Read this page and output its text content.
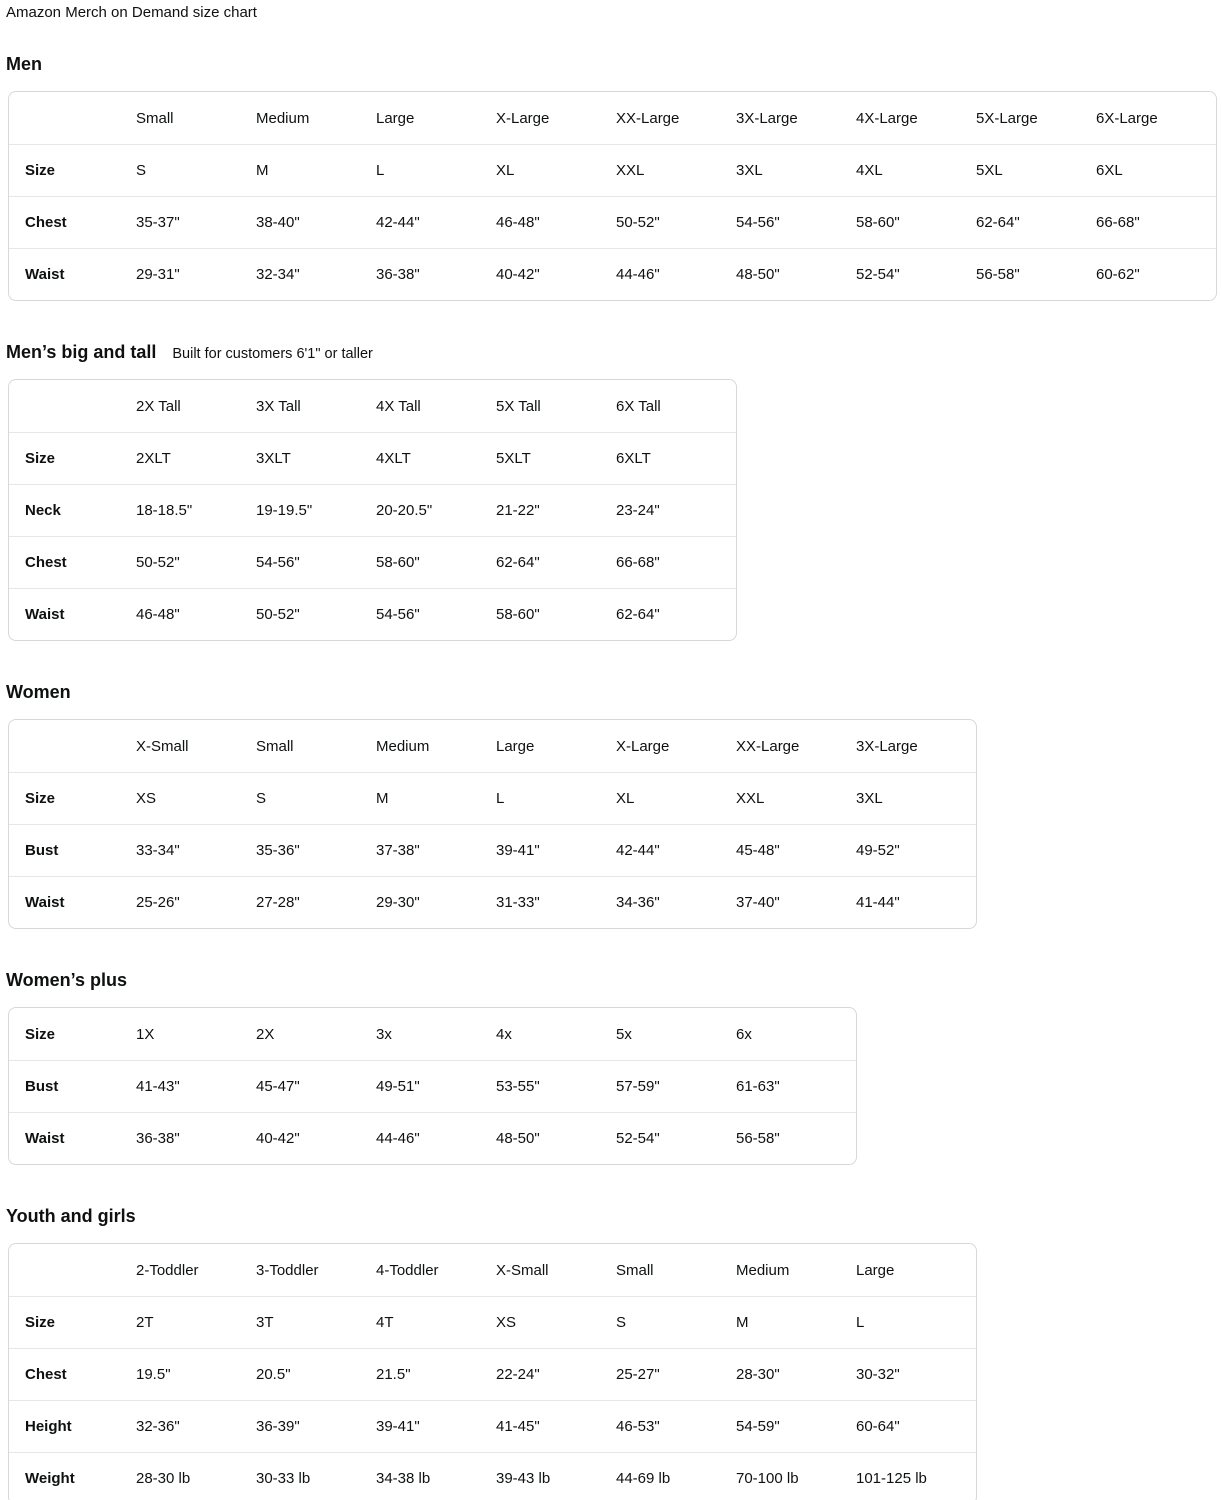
Amazon Merch on Demand size chart
Men
	Small	Medium	Large	X-Large	XX-Large	3X-Large	4X-Large	5X-Large	6X-Large
Size	S	M	L	XL	XXL	3XL	4XL	5XL	6XL
Chest	35-37"	38-40"	42-44"	46-48"	50-52"	54-56"	58-60"	62-64"	66-68"
Waist	29-31"	32-34"	36-38"	40-42"	44-46"	48-50"	52-54"	56-58"	60-62"
Men’s big and tall Built for customers 6'1" or taller
	2X Tall	3X Tall	4X Tall	5X Tall	6X Tall
Size	2XLT	3XLT	4XLT	5XLT	6XLT
Neck	18-18.5"	19-19.5"	20-20.5"	21-22"	23-24"
Chest	50-52"	54-56"	58-60"	62-64"	66-68"
Waist	46-48"	50-52"	54-56"	58-60"	62-64"
Women
	X-Small	Small	Medium	Large	X-Large	XX-Large	3X-Large
Size	XS	S	M	L	XL	XXL	3XL
Bust	33-34"	35-36"	37-38"	39-41"	42-44"	45-48"	49-52"
Waist	25-26"	27-28"	29-30"	31-33"	34-36"	37-40"	41-44"
Women’s plus
Size	1X	2X	3x	4x	5x	6x
Bust	41-43"	45-47"	49-51"	53-55"	57-59"	61-63"
Waist	36-38"	40-42"	44-46"	48-50"	52-54"	56-58"
Youth and girls
	2-Toddler	3-Toddler	4-Toddler	X-Small	Small	Medium	Large
Size	2T	3T	4T	XS	S	M	L
Chest	19.5"	20.5"	21.5"	22-24"	25-27"	28-30"	30-32"
Height	32-36"	36-39"	39-41"	41-45"	46-53"	54-59"	60-64"
Weight	28-30 lb	30-33 lb	34-38 lb	39-43 lb	44-69 lb	70-100 lb	101-125 lb
